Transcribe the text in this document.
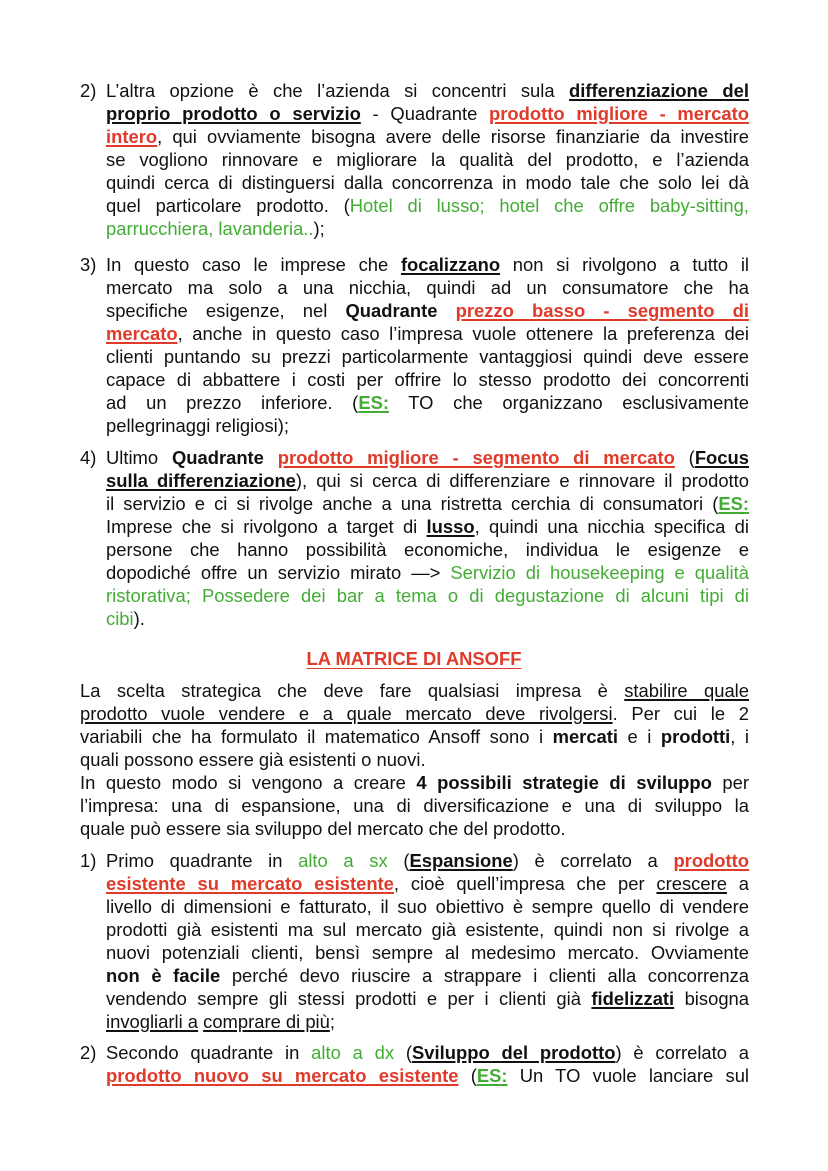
2) L’altra opzione è che l’azienda si concentri sula differenziazione del
proprio prodotto o servizio - Quadrante prodotto migliore - mercato
intero, qui ovviamente bisogna avere delle risorse finanziarie da investire
se vogliono rinnovare e migliorare la qualità del prodotto, e l’azienda
quindi cerca di distinguersi dalla concorrenza in modo tale che solo lei dà
quel particolare prodotto. (Hotel di lusso; hotel che offre baby-sitting,
parrucchiera, lavanderia..);
3) In questo caso le imprese che focalizzano non si rivolgono a tutto il
mercato ma solo a una nicchia, quindi ad un consumatore che ha
specifiche esigenze, nel Quadrante prezzo basso - segmento di
mercato, anche in questo caso l’impresa vuole ottenere la preferenza dei
clienti puntando su prezzi particolarmente vantaggiosi quindi deve essere
capace di abbattere i costi per offrire lo stesso prodotto dei concorrenti
ad un prezzo inferiore. (ES: TO che organizzano esclusivamente
pellegrinaggi religiosi);
4) Ultimo Quadrante prodotto migliore - segmento di mercato (Focus
sulla differenziazione), qui si cerca di differenziare e rinnovare il prodotto
il servizio e ci si rivolge anche a una ristretta cerchia di consumatori (ES:
Imprese che si rivolgono a target di lusso, quindi una nicchia specifica di
persone che hanno possibilità economiche, individua le esigenze e
dopodiché offre un servizio mirato —> Servizio di housekeeping e qualità
ristorativa; Possedere dei bar a tema o di degustazione di alcuni tipi di
cibi).
LA MATRICE DI ANSOFF
La scelta strategica che deve fare qualsiasi impresa è stabilire quale
prodotto vuole vendere e a quale mercato deve rivolgersi. Per cui le 2
variabili che ha formulato il matematico Ansoff sono i mercati e i prodotti, i
quali possono essere già esistenti o nuovi.
In questo modo si vengono a creare 4 possibili strategie di sviluppo per
l’impresa: una di espansione, una di diversificazione e una di sviluppo la
quale può essere sia sviluppo del mercato che del prodotto.
1) Primo quadrante in alto a sx (Espansione) è correlato a prodotto
esistente su mercato esistente, cioè quell’impresa che per crescere a
livello di dimensioni e fatturato, il suo obiettivo è sempre quello di vendere
prodotti già esistenti ma sul mercato già esistente, quindi non si rivolge a
nuovi potenziali clienti, bensì sempre al medesimo mercato. Ovviamente
non è facile perché devo riuscire a strappare i clienti alla concorrenza
vendendo sempre gli stessi prodotti e per i clienti già fidelizzati bisogna
invogliarli a comprare di più;
2) Secondo quadrante in alto a dx (Sviluppo del prodotto) è correlato a
prodotto nuovo su mercato esistente (ES: Un TO vuole lanciare sul
